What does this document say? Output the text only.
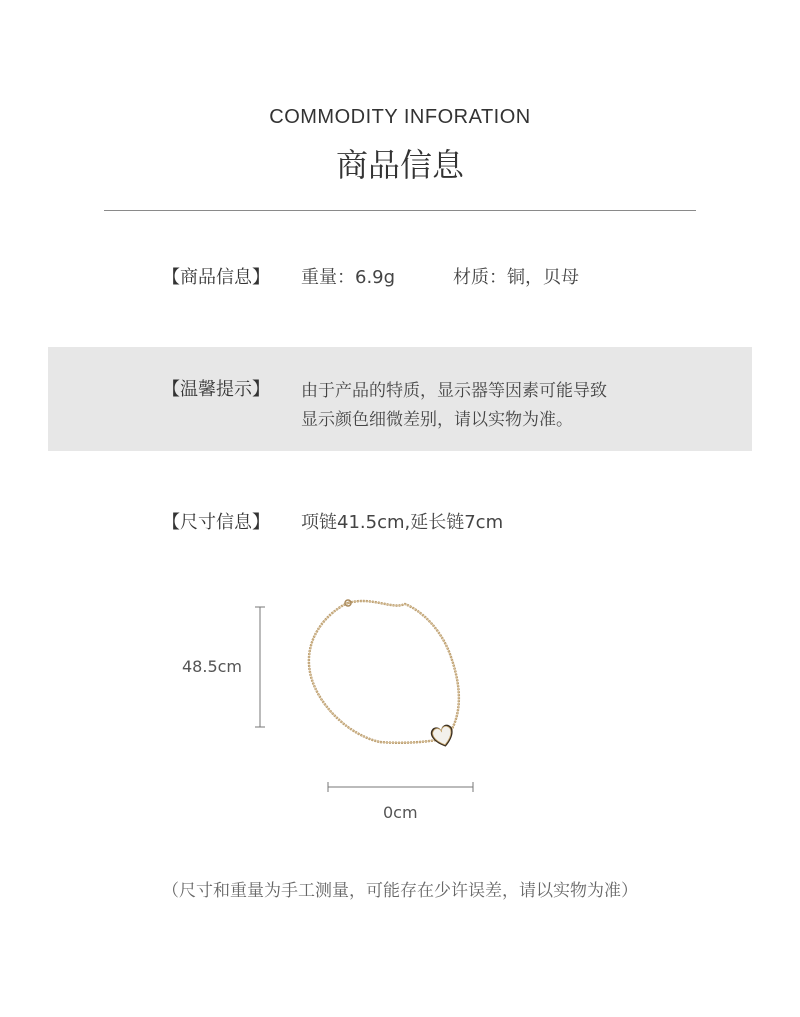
COMMODITY INFORATION
商品信息
【商品信息】 重量：6.9g	材质：铜，贝母
【温馨提示】 由于产品的特质，显示器等因素可能导致
显示颜色细微差别，请以实物为准。
【尺寸信息】 项链41.5cm,延长链7cm
48.5cm
0cm
（尺寸和重量为手工测量，可能存在少许误差，请以实物为准）
